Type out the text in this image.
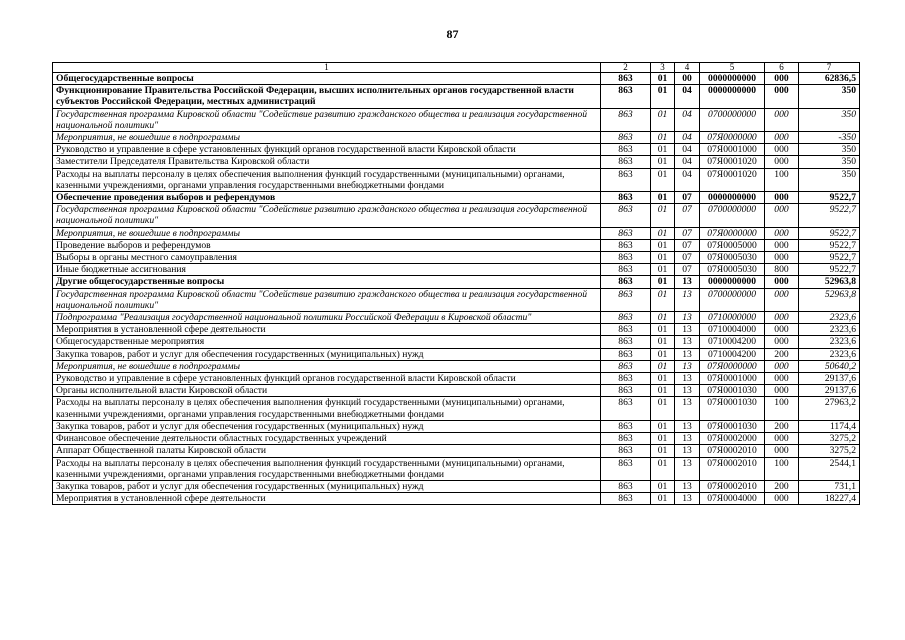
87
1	2	3	4	5	6	7
Общегосударственные вопросы	863	01	00	0000000000	000	62836,5
Функционирование Правительства Российской Федерации, высших исполнительных органов государственной власти субъектов Российской Федерации, местных администраций	863	01	04	0000000000	000	350
Государственная программа Кировской области "Содействие развитию гражданского общества и реализация государственной национальной политики"	863	01	04	0700000000	000	350
Мероприятия, не вошедшие в подпрограммы	863	01	04	07Я0000000	000	-350
Руководство и управление в сфере установленных функций органов государственной власти Кировской области	863	01	04	07Я0001000	000	350
Заместители Председателя Правительства Кировской области	863	01	04	07Я0001020	000	350
Расходы на выплаты персоналу в целях обеспечения выполнения функций государственными (муниципальными) органами, казенными учреждениями, органами управления государственными внебюджетными фондами	863	01	04	07Я0001020	100	350
Обеспечение проведения выборов и референдумов	863	01	07	0000000000	000	9522,7
Государственная программа Кировской области "Содействие развитию гражданского общества и реализация государственной национальной политики"	863	01	07	0700000000	000	9522,7
Мероприятия, не вошедшие в подпрограммы	863	01	07	07Я0000000	000	9522,7
Проведение выборов и референдумов	863	01	07	07Я0005000	000	9522,7
Выборы в органы местного самоуправления	863	01	07	07Я0005030	000	9522,7
Иные бюджетные ассигнования	863	01	07	07Я0005030	800	9522,7
Другие общегосударственные вопросы	863	01	13	0000000000	000	52963,8
Государственная программа Кировской области "Содействие развитию гражданского общества и реализация государственной национальной политики"	863	01	13	0700000000	000	52963,8
Подпрограмма "Реализация государственной национальной политики Российской Федерации в Кировской области"	863	01	13	0710000000	000	2323,6
Мероприятия в установленной сфере деятельности	863	01	13	0710004000	000	2323,6
Общегосударственные мероприятия	863	01	13	0710004200	000	2323,6
Закупка товаров, работ и услуг для обеспечения государственных (муниципальных) нужд	863	01	13	0710004200	200	2323,6
Мероприятия, не вошедшие в подпрограммы	863	01	13	07Я0000000	000	50640,2
Руководство и управление в сфере установленных функций органов государственной власти Кировской области	863	01	13	07Я0001000	000	29137,6
Органы исполнительной власти Кировской области	863	01	13	07Я0001030	000	29137,6
Расходы на выплаты персоналу в целях обеспечения выполнения функций государственными (муниципальными) органами, казенными учреждениями, органами управления государственными внебюджетными фондами	863	01	13	07Я0001030	100	27963,2
Закупка товаров, работ и услуг для обеспечения государственных (муниципальных) нужд	863	01	13	07Я0001030	200	1174,4
Финансовое обеспечение деятельности областных государственных учреждений	863	01	13	07Я0002000	000	3275,2
Аппарат Общественной палаты Кировской области	863	01	13	07Я0002010	000	3275,2
Расходы на выплаты персоналу в целях обеспечения выполнения функций государственными (муниципальными) органами, казенными учреждениями, органами управления государственными внебюджетными фондами	863	01	13	07Я0002010	100	2544,1
Закупка товаров, работ и услуг для обеспечения государственных (муниципальных) нужд	863	01	13	07Я0002010	200	731,1
Мероприятия в установленной сфере деятельности	863	01	13	07Я0004000	000	18227,4
